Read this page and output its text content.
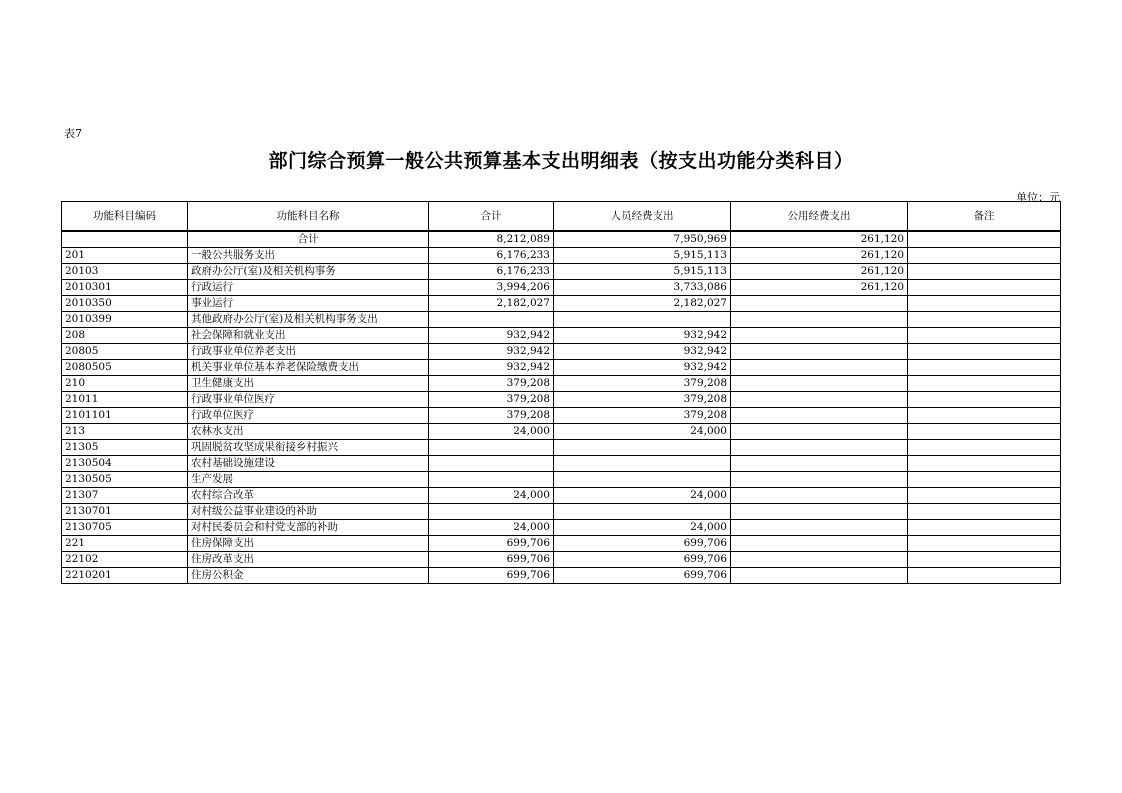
表7
部门综合预算一般公共预算基本支出明细表（按支出功能分类科目）
单位：元
功能科目编码	功能科目名称	合计	人员经费支出	公用经费支出	备注
	合计	8,212,089	7,950,969	261,120	
201	一般公共服务支出	6,176,233	5,915,113	261,120	
20103	政府办公厅(室)及相关机构事务	6,176,233	5,915,113	261,120	
2010301	行政运行	3,994,206	3,733,086	261,120	
2010350	事业运行	2,182,027	2,182,027		
2010399	其他政府办公厅(室)及相关机构事务支出				
208	社会保障和就业支出	932,942	932,942		
20805	行政事业单位养老支出	932,942	932,942		
2080505	机关事业单位基本养老保险缴费支出	932,942	932,942		
210	卫生健康支出	379,208	379,208		
21011	行政事业单位医疗	379,208	379,208		
2101101	行政单位医疗	379,208	379,208		
213	农林水支出	24,000	24,000		
21305	巩固脱贫攻坚成果衔接乡村振兴				
2130504	农村基础设施建设				
2130505	生产发展				
21307	农村综合改革	24,000	24,000		
2130701	对村级公益事业建设的补助				
2130705	对村民委员会和村党支部的补助	24,000	24,000		
221	住房保障支出	699,706	699,706		
22102	住房改革支出	699,706	699,706		
2210201	住房公积金	699,706	699,706		
